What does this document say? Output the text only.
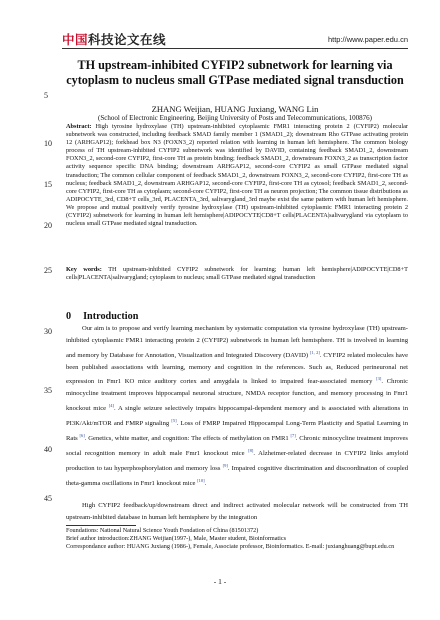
中国科技论文在线	http://www.paper.edu.cn
5
10
15
20
25
30
35
40
45
TH upstream-inhibited CYFIP2 subnetwork for learning via cytoplasm to nucleus small GTPase mediated signal transduction
ZHANG Weijian, HUANG Juxiang, WANG Lin
(School of Electronic Engineering, Beijing University of Posts and Telecommunications, 100876)
Abstract: High tyrosine hydroxylase (TH) upstream-inhibited cytoplasmic FMR1 interacting protein 2 (CYFIP2) molecular subnetwork was constructed, including feedback SMAD family member 1 (SMAD1_2); downstream Rho GTPase activating protein 12 (ARHGAP12); forkhead box N3 (FOXN3_2) reported relation with learning in human left hemisphere. The common biology process of TH upstream-inhibited CYFIP2 subnetwork was identified by DAVID, containing feedback SMAD1_2, downstream FOXN3_2, second-core CYFIP2, first-core TH as protein binding; feedback SMAD1_2, downstream FOXN3_2 as transcription factor activity sequence specific DNA binding; downstream ARHGAP12, second-core CYFIP2 as small GTPase mediated signal transduction; The common cellular component of feedback SMAD1_2, downstream FOXN3_2, second-core CYFIP2, first-core TH as nucleus; feedback SMAD1_2, downstream ARHGAP12, second-core CYFIP2, first-core TH as cytosol; feedback SMAD1_2, second-core CYFIP2, first-core TH as cytoplasm; second-core CYFIP2, first-core TH as neuron projection; The common tissue distributions as ADIPOCYTE_3rd, CD8+T cells_3rd, PLACENTA_3rd, salivarygland_3rd maybe exist the same pattern with human left hemisphere. We propose and mutual positively verify tyrosine hydroxylase (TH) upstream-inhibited cytoplasmic FMR1 interacting protein 2 (CYFIP2) subnetwork for learning in human left hemisphere|ADIPOCYTE|CD8+T cells|PLACENTA|salivarygland via cytoplasm to nucleus small GTPase mediated signal transduction.
Key words: TH upstream-inhibited CYFIP2 subnetwork for learning; human left hemisphere|ADIPOCYTE|CD8+T cells|PLACENTA|salivarygland; cytoplasm to nucleus; small GTPase mediated signal transduction
0 Introduction
Our aim is to propose and verify learning mechanism by systematic computation via tyrosine hydroxylase (TH) upstream-inhibited cytoplasmic FMR1 interacting protein 2 (CYFIP2) subnetwork in human left hemisphere. TH is involved in learning and memory by Database for Annotation, Visualization and Integrated Discovery (DAVID) [1, 2]. CYFIP2 related molecules have been published associations with learning, memory and cognition in the references. Such as, Reduced perineuronal net expression in Fmr1 KO mice auditory cortex and amygdala is linked to impaired fear-associated memory [3]. Chronic minocycline treatment improves hippocampal neuronal structure, NMDA receptor function, and memory processing in Fmr1 knockout mice [4]. A single seizure selectively impairs hippocampal-dependent memory and is associated with alterations in PI3K/Akt/mTOR and FMRP signaling [5]. Loss of FMRP Impaired Hippocampal Long-Term Plasticity and Spatial Learning in Rats [6]. Genetics, white matter, and cognition: The effects of methylation on FMR1 [7]. Chronic minocycline treatment improves social recognition memory in adult male Fmr1 knockout mice [8]. Alzheimer-related decrease in CYFIP2 links amyloid production to tau hyperphosphorylation and memory loss [9]. Impaired cognitive discrimination and discoordination of coupled theta-gamma oscillations in Fmr1 knockout mice [10].
High CYFIP2 feedback/up/downstream direct and indirect activated molecular network will be constructed from TH upstream-inhibited database in human left hemisphere by the integration
Foundations: National Natural Science Youth Fondation of China (81501372)
Brief author introduction:ZHANG Weijian(1997-), Male, Master student, Bioinformatics
Correspondance author: HUANG Juxiang (1986-), Female, Associate professor, Bioinformatics. E-mail: juxianghuang@bupt.edu.cn
- 1 -
